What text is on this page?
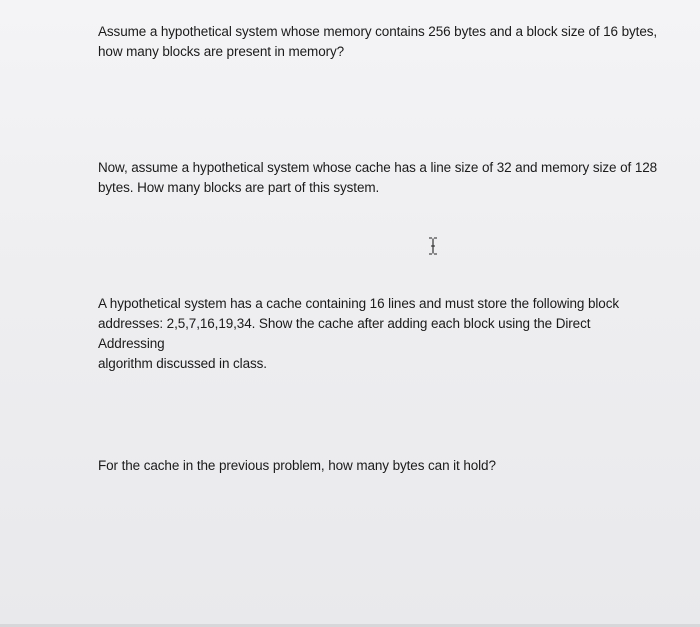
Assume a hypothetical system whose memory contains 256 bytes and a block size of 16 bytes,
how many blocks are present in memory?
Now, assume a hypothetical system whose cache has a line size of 32 and memory size of 128
bytes. How many blocks are part of this system.
A hypothetical system has a cache containing 16 lines and must store the following block
addresses: 2,5,7,16,19,34. Show the cache after adding each block using the Direct Addressing
algorithm discussed in class.
For the cache in the previous problem, how many bytes can it hold?
